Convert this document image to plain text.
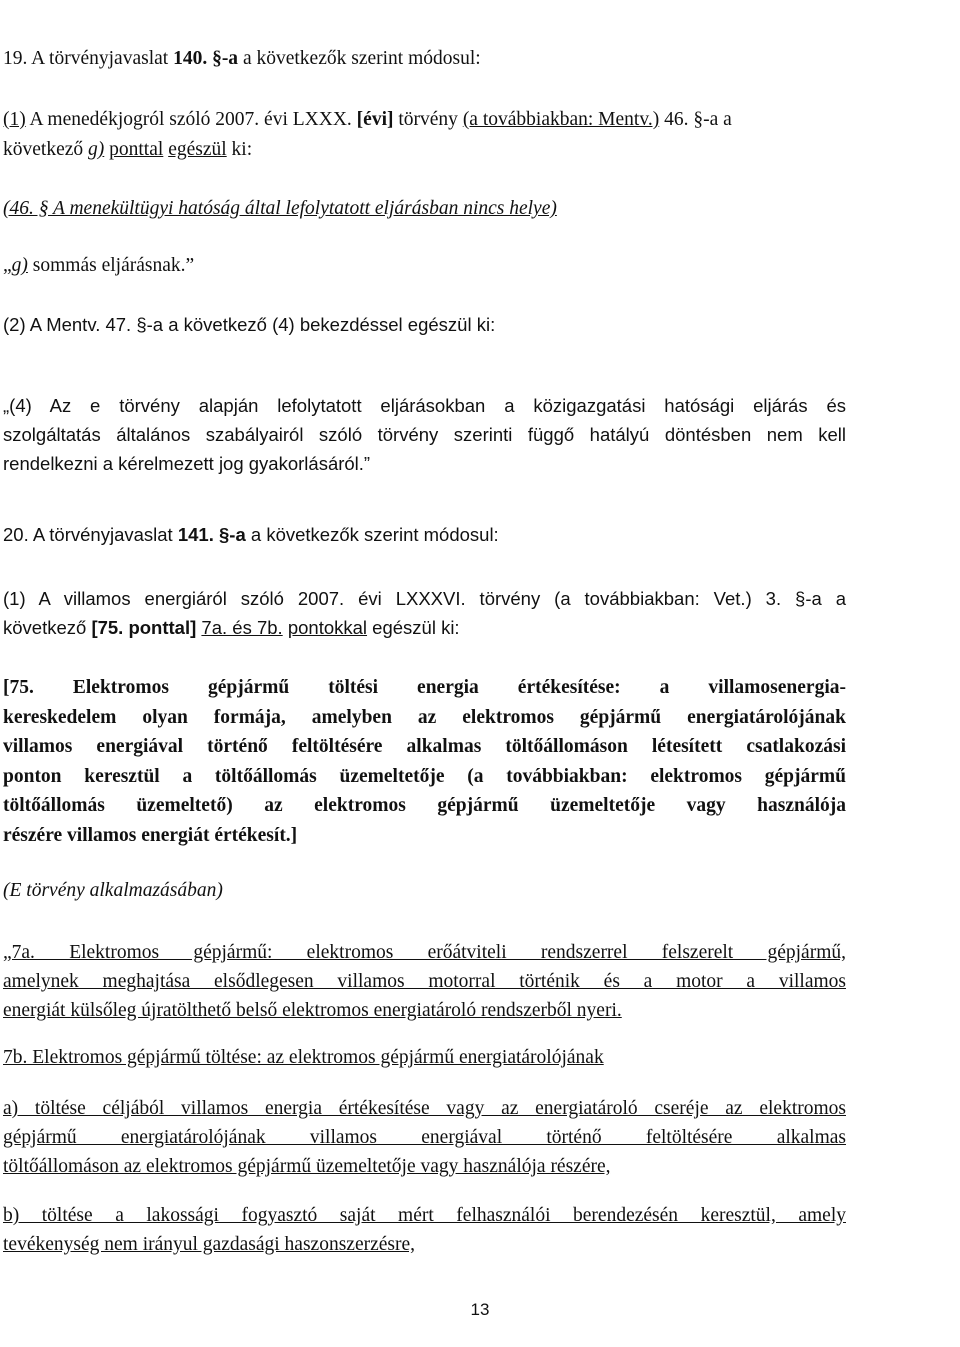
19. A törvényjavaslat 140. §-a a következők szerint módosul:
(1) A menedékjogról szóló 2007. évi LXXX. [évi] törvény (a továbbiakban: Mentv.) 46. §-a a
következő g) ponttal egészül ki:
(46. § A menekültügyi hatóság által lefolytatott eljárásban nincs helye)
„g) sommás eljárásnak.”
(2) A Mentv. 47. §-a a következő (4) bekezdéssel egészül ki:
„(4) Az e törvény alapján lefolytatott eljárásokban a közigazgatási hatósági eljárás és
szolgáltatás általános szabályairól szóló törvény szerinti függő hatályú döntésben nem kell
rendelkezni a kérelmezett jog gyakorlásáról.”
20. A törvényjavaslat 141. §-a a következők szerint módosul:
(1) A villamos energiáról szóló 2007. évi LXXXVI. törvény (a továbbiakban: Vet.) 3. §-a a
következő [75. ponttal] 7a. és 7b. pontokkal egészül ki:
[75. Elektromos gépjármű töltési energia értékesítése: a villamosenergia-
kereskedelem olyan formája, amelyben az elektromos gépjármű energiatárolójának
villamos energiával történő feltöltésére alkalmas töltőállomáson létesített csatlakozási
ponton keresztül a töltőállomás üzemeltetője (a továbbiakban: elektromos gépjármű
töltőállomás üzemeltető) az elektromos gépjármű üzemeltetője vagy használója
részére villamos energiát értékesít.]
(E törvény alkalmazásában)
„7a. Elektromos gépjármű: elektromos erőátviteli rendszerrel felszerelt gépjármű,
amelynek meghajtása elsődlegesen villamos motorral történik és a motor a villamos
energiát külsőleg újratölthető belső elektromos energiatároló rendszerből nyeri.
7b. Elektromos gépjármű töltése: az elektromos gépjármű energiatárolójának
a) töltése céljából villamos energia értékesítése vagy az energiatároló cseréje az elektromos
gépjármű energiatárolójának villamos energiával történő feltöltésére alkalmas
töltőállomáson az elektromos gépjármű üzemeltetője vagy használója részére,
b) töltése a lakossági fogyasztó saját mért felhasználói berendezésén keresztül, amely
tevékenység nem irányul gazdasági haszonszerzésre,
13
